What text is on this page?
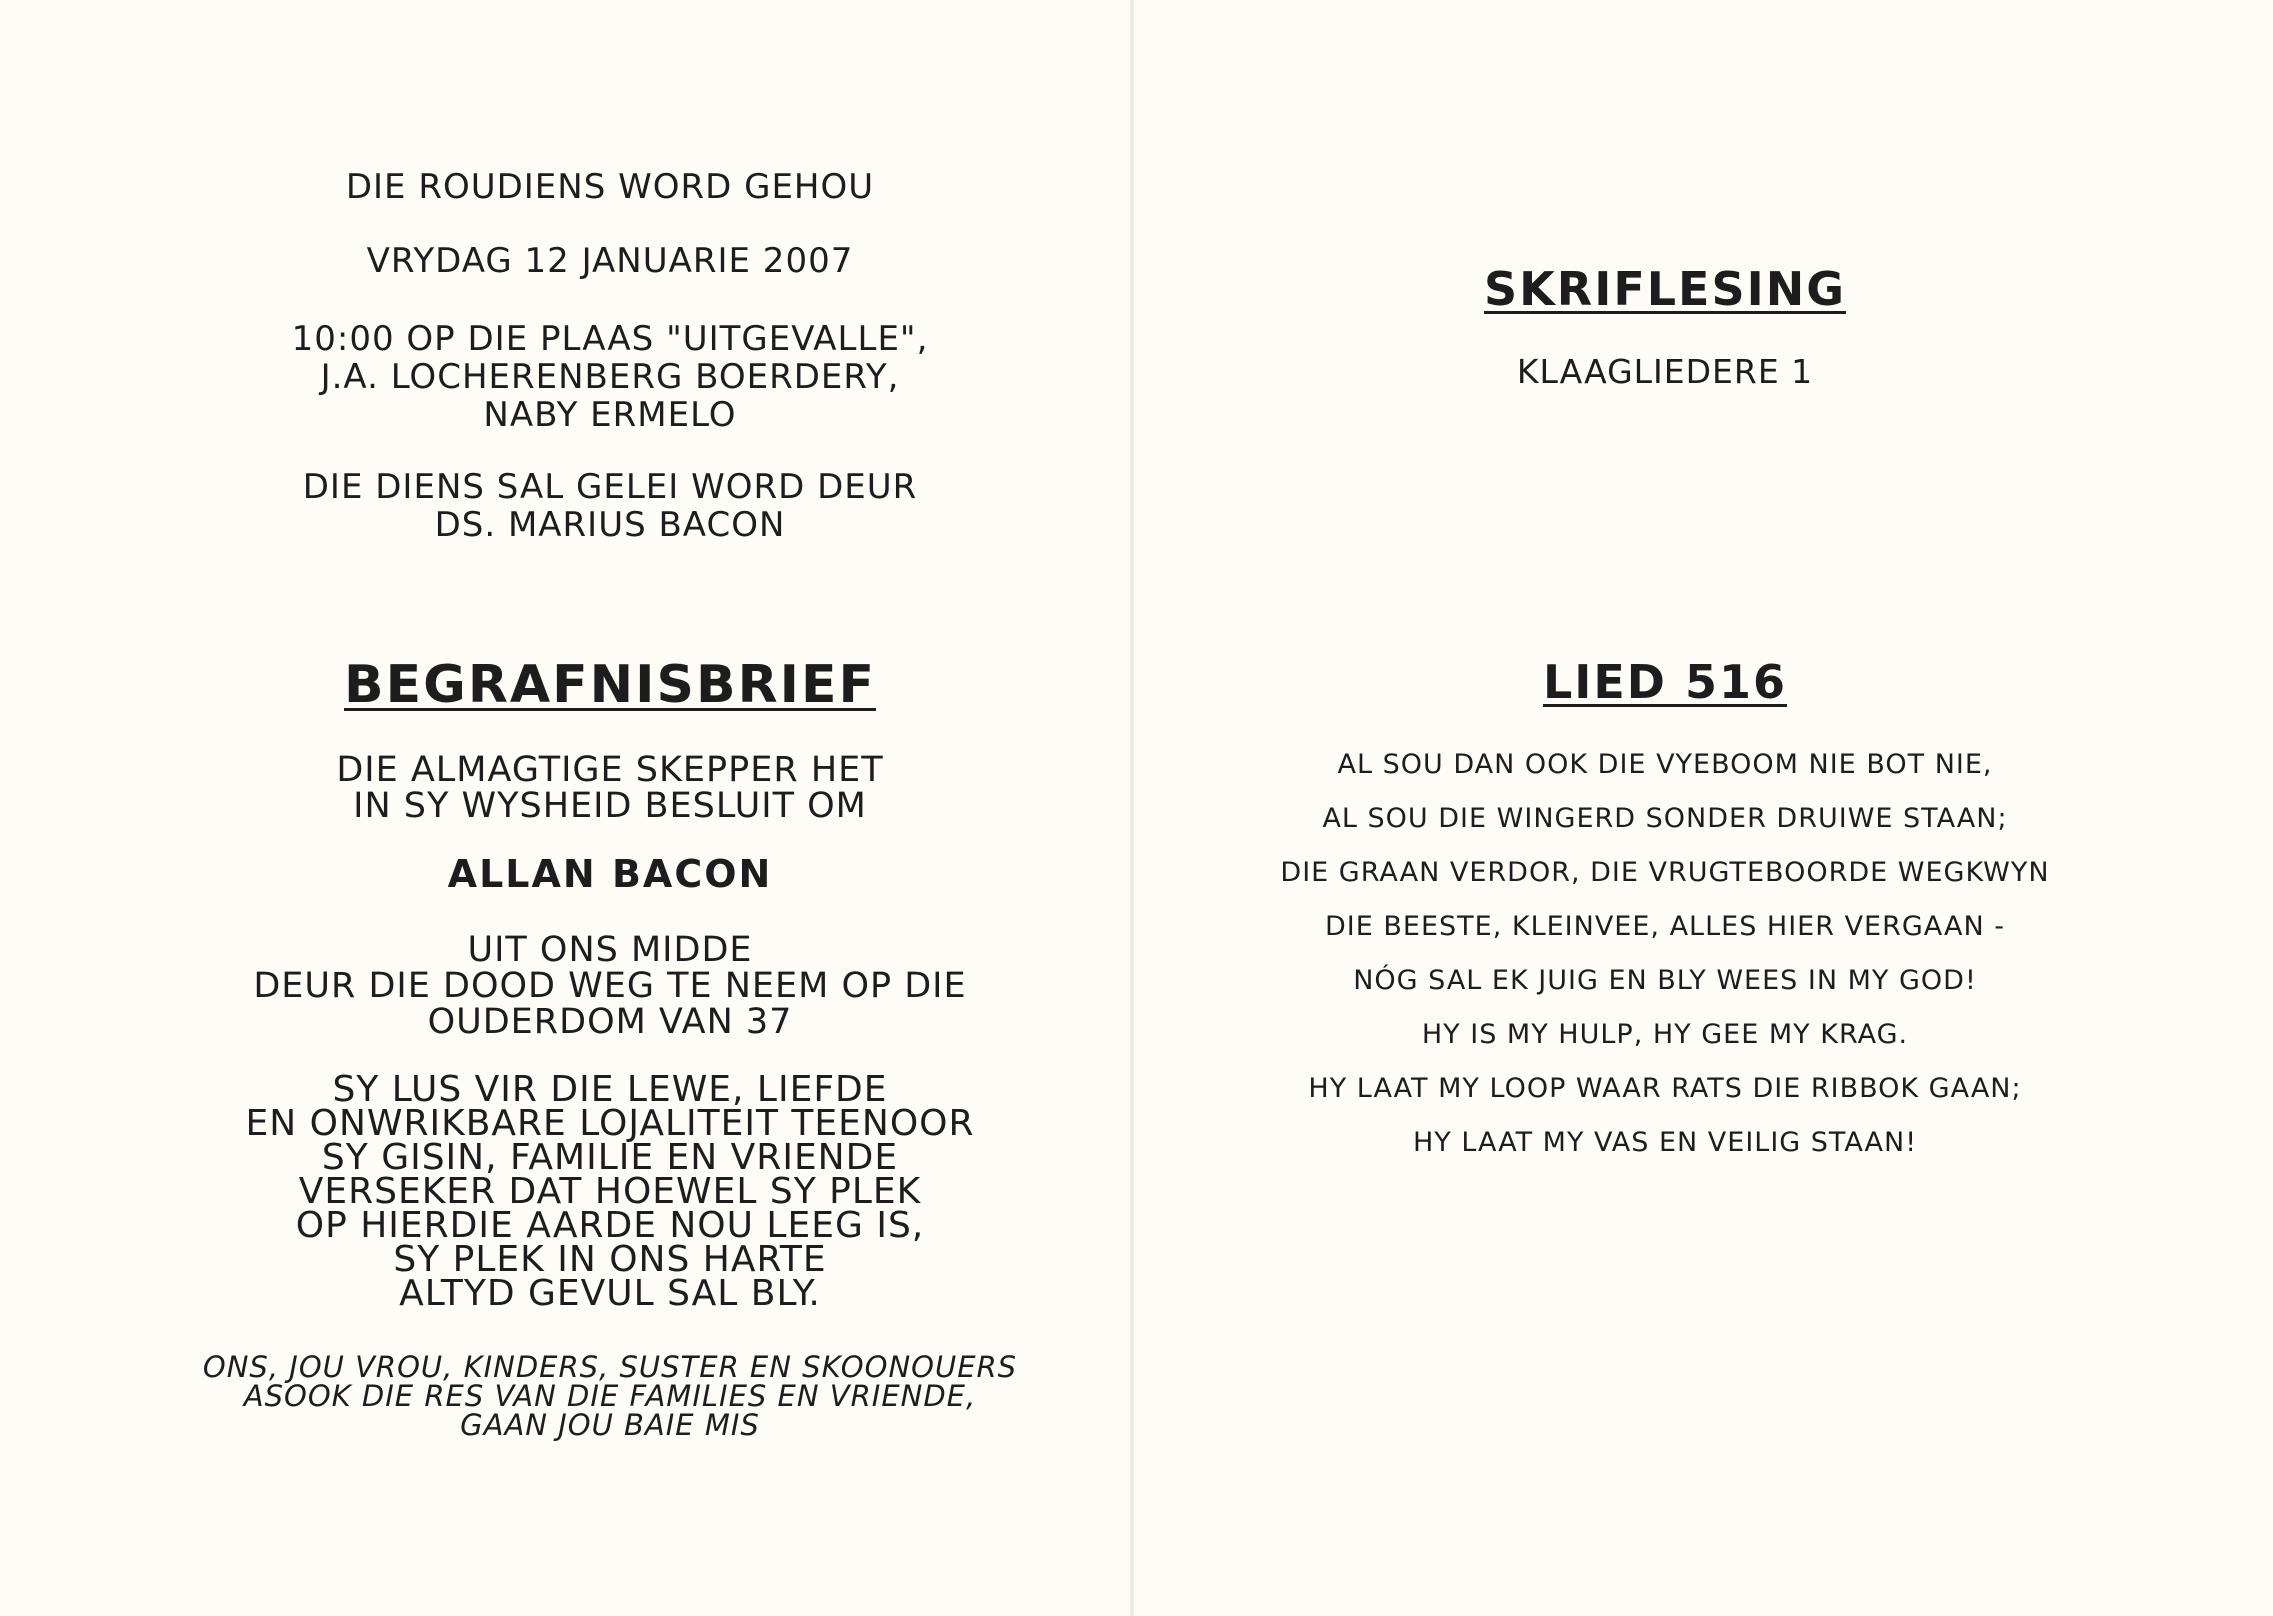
DIE ROUDIENS WORD GEHOU
VRYDAG 12 JANUARIE 2007
10:00 OP DIE PLAAS "UITGEVALLE",
J.A. LOCHERENBERG BOERDERY,
NABY ERMELO
DIE DIENS SAL GELEI WORD DEUR
DS. MARIUS BACON
BEGRAFNISBRIEF
DIE ALMAGTIGE SKEPPER HET
IN SY WYSHEID BESLUIT OM
ALLAN BACON
UIT ONS MIDDE
DEUR DIE DOOD WEG TE NEEM OP DIE
OUDERDOM VAN 37
SY LUS VIR DIE LEWE, LIEFDE
EN ONWRIKBARE LOJALITEIT TEENOOR
SY GISIN, FAMILIE EN VRIENDE
VERSEKER DAT HOEWEL SY PLEK
OP HIERDIE AARDE NOU LEEG IS,
SY PLEK IN ONS HARTE
ALTYD GEVUL SAL BLY.
ONS, JOU VROU, KINDERS, SUSTER EN SKOONOUERS
ASOOK DIE RES VAN DIE FAMILIES EN VRIENDE,
GAAN JOU BAIE MIS
SKRIFLESING
KLAAGLIEDERE 1
LIED 516
AL SOU DAN OOK DIE VYEBOOM NIE BOT NIE,
AL SOU DIE WINGERD SONDER DRUIWE STAAN;
DIE GRAAN VERDOR, DIE VRUGTEBOORDE WEGKWYN
DIE BEESTE, KLEINVEE, ALLES HIER VERGAAN -
NÓG SAL EK JUIG EN BLY WEES IN MY GOD!
HY IS MY HULP, HY GEE MY KRAG.
HY LAAT MY LOOP WAAR RATS DIE RIBBOK GAAN;
HY LAAT MY VAS EN VEILIG STAAN!
